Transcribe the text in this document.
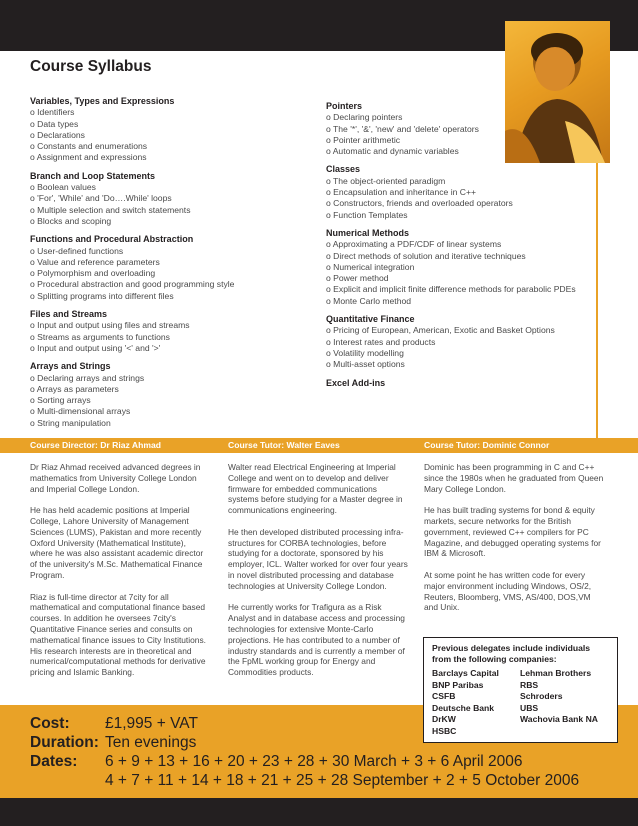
Course Syllabus
Variables, Types and Expressions
o Identifiers
o Data types
o Declarations
o Constants and enumerations
o Assignment and expressions
Branch and Loop Statements
o Boolean values
o 'For', 'While' and 'Do….While' loops
o Multiple selection and switch statements
o Blocks and scoping
Functions and Procedural Abstraction
o User-defined functions
o Value and reference parameters
o Polymorphism and overloading
o Procedural abstraction and good programming style
o Splitting programs into different files
Files and Streams
o Input and output using files and streams
o Streams as arguments to functions
o Input and output using '<' and '>'
Arrays and Strings
o Declaring arrays and strings
o Arrays as parameters
o Sorting arrays
o Multi-dimensional arrays
o String manipulation
Pointers
o Declaring pointers
o The '*', '&', 'new' and 'delete' operators
o Pointer arithmetic
o Automatic and dynamic variables
Classes
o The object-oriented paradigm
o Encapsulation and inheritance in C++
o Constructors, friends and overloaded operators
o Function Templates
Numerical Methods
o Approximating a PDF/CDF of linear systems
o Direct methods of solution and iterative techniques
o Numerical integration
o Power method
o Explicit and implicit finite difference methods for parabolic PDEs
o Monte Carlo method
Quantitative Finance
o Pricing of European, American, Exotic and Basket Options
o Interest rates and products
o Volatility modelling
o Multi-asset options
Excel Add-ins
Course Director: Dr Riaz Ahmad	Course Tutor: Walter Eaves	Course Tutor: Dominic Connor

Dr Riaz Ahmad received advanced degrees in mathematics from University College London and Imperial College London.

He has held academic positions at Imperial College, Lahore University of Management Sciences (LUMS), Pakistan and more recently Oxford University (Mathematical Institute), where he was also assistant academic director of the university's M.Sc. Mathematical Finance Program.

Riaz is full-time director at 7city for all mathematical and computational finance based courses. In addition he oversees 7city's Quantitative Finance series and consults on mathematical finance issues to City Institutions. His research interests are in theoretical and numerical/computational methods for derivative pricing and Islamic Banking.

Walter read Electrical Engineering at Imperial College and went on to develop and deliver firmware for embedded communications systems before studying for a Master degree in communications engineering.

He then developed distributed processing infra-structures for CORBA technologies, before studying for a doctorate, sponsored by his employer, ICL. Walter worked for over four years in novel distributed processing and database technologies at University College London.

He currently works for Trafigura as a Risk Analyst and in database access and processing technologies for extensive Monte-Carlo projections. He has contributed to a number of industry standards and is currently a member of the FpML working group for Energy and Commodities products.

Dominic has been programming in C and C++ since the 1980s when he graduated from Queen Mary College London.

He has built trading systems for bond & equity markets, secure networks for the British government, reviewed C++ compilers for PC Magazine, and debugged operating systems for IBM & Microsoft.

At some point he has written code for every major environment including Windows, OS/2, Reuters, Bloomberg, VMS, AS/400, DOS,VM and Unix.

Cost: £1,995 + VAT
Duration: Ten evenings
Dates: 6 + 9 + 13 + 16 + 20 + 23 + 28 + 30 March + 3 + 6 April 2006
4 + 7 + 11 + 14 + 18 + 21 + 25 + 28 September + 2 + 5 October 2006
Previous delegates include individuals from the following companies:
Barclays Capital	Lehman Brothers
BNP Paribas	RBS
CSFB	Schroders
Deutsche Bank	UBS
DrKW	Wachovia Bank NA
HSBC
